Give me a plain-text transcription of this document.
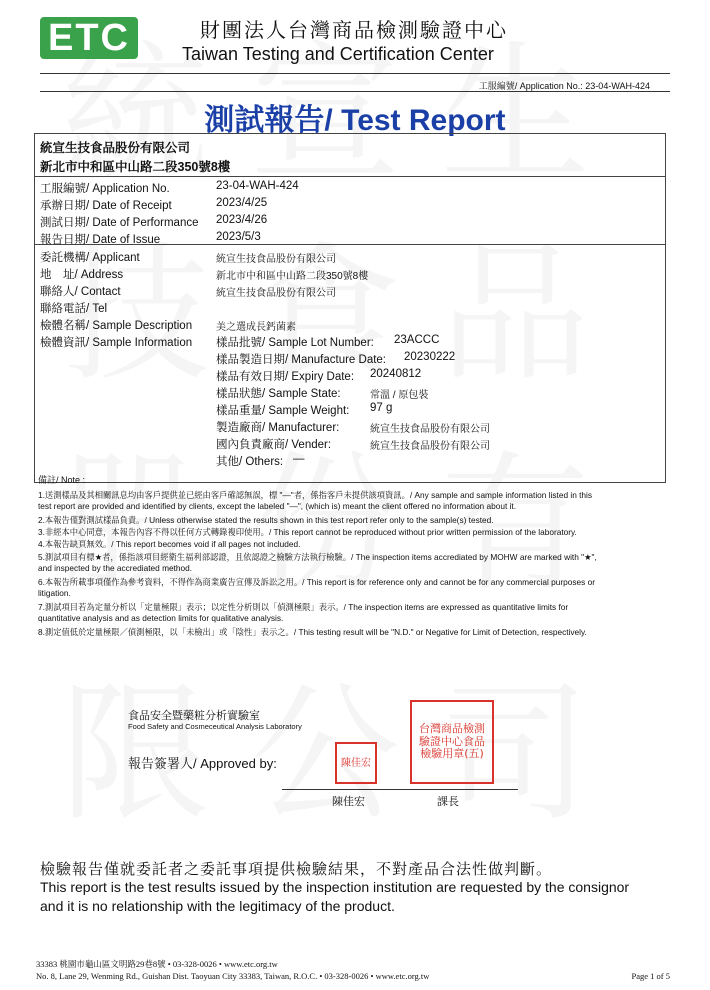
ETC	財團法人台灣商品檢測驗證中心
Taiwan Testing and Certification Center
工服編號/ Application No.: 23-04-WAH-424
測試報告/ Test Report
統宣生技食品股份有限公司
新北市中和區中山路二段350號8樓
工服編號/ Application No.	23-04-WAH-424
承辦日期/ Date of Receipt	2023/4/25
測試日期/ Date of Performance 2023/4/26
報告日期/ Date of Issue	2023/5/3
委託機構/ Applicant	統宣生技食品股份有限公司
地　址/ Address	新北市中和區中山路二段350號8樓
聯絡人/ Contact	統宣生技食品股份有限公司
聯絡電話/ Tel
檢體名稱/ Sample Description 美之選成長鈣菌素
檢體資訊/ Sample Information 樣品批號/ Sample Lot Number: 23ACCC
樣品製造日期/ Manufacture Date: 20230222
樣品有效日期/ Expiry Date: 20240812
樣品狀態/ Sample State:	常溫 / 原包裝
樣品重量/ Sample Weight: 97 g
製造廠商/ Manufacturer:	統宣生技食品股份有限公司
國內負責廠商/ Vender:	統宣生技食品股份有限公司
其他/ Others: —
備註/ Note :
1.送測樣品及其相關訊息均由客戶提供並已經由客戶確認無誤，標 "—"者，係指客戶未提供該項資訊。/ Any sample and sample information listed in this
test report are provided and identified by clients, except the labeled "—", (which is) meant the client offered no information about it.
2.本報告僅對測試樣品負責。/ Unless otherwise stated the results shown in this test report refer only to the sample(s) tested.
3.非經本中心同意，本報告內容不得以任何方式轉錄複印使用。/ This report cannot be reproduced without prior written permission of the laboratory.
4.本報告缺頁無效。/ This report becomes void if all pages not included.
5.測試項目有標★者，係指該項目經衛生福利部認證，且依認證之檢驗方法執行檢驗。/ The inspection items accrediated by MOHW are marked with "★",
and inspected by the accrediated method.
6.本報告所載事項僅作為參考資料，不得作為商業廣告宣傳及訴訟之用。/ This report is for reference only and cannot be for any commercial purposes or
litigation.
7.測試項目若為定量分析以「定量極限」表示；以定性分析則以「偵測極限」表示。/ The inspection items are expressed as quantitative limits for
quantitative analysis and as detection limits for qualitative analysis.
8.測定值低於定量極限／偵測極限，以「未檢出」或「陰性」表示之。/ This testing result will be "N.D." or Negative for Limit of Detection, respectively.
食品安全暨藥粧分析實驗室
Food Safety and Cosmeceutical Analysis Laboratory
報告簽署人/ Approved by:	陳佳宏
台灣商品檢測驗證中心食品檢驗用章(五)
陳佳宏	課長
檢驗報告僅就委託者之委託事項提供檢驗結果，不對產品合法性做判斷。
This report is the test results issued by the inspection institution are requested by the consignor
and it is no relationship with the legitimacy of the product.
33383 桃園市龜山區文明路29巷8號 • 03-328-0026 • www.etc.org.tw
No. 8, Lane 29, Wenming Rd., Guishan Dist. Taoyuan City 33383, Taiwan, R.O.C. • 03-328-0026 • www.etc.org.tw	Page 1 of 5
